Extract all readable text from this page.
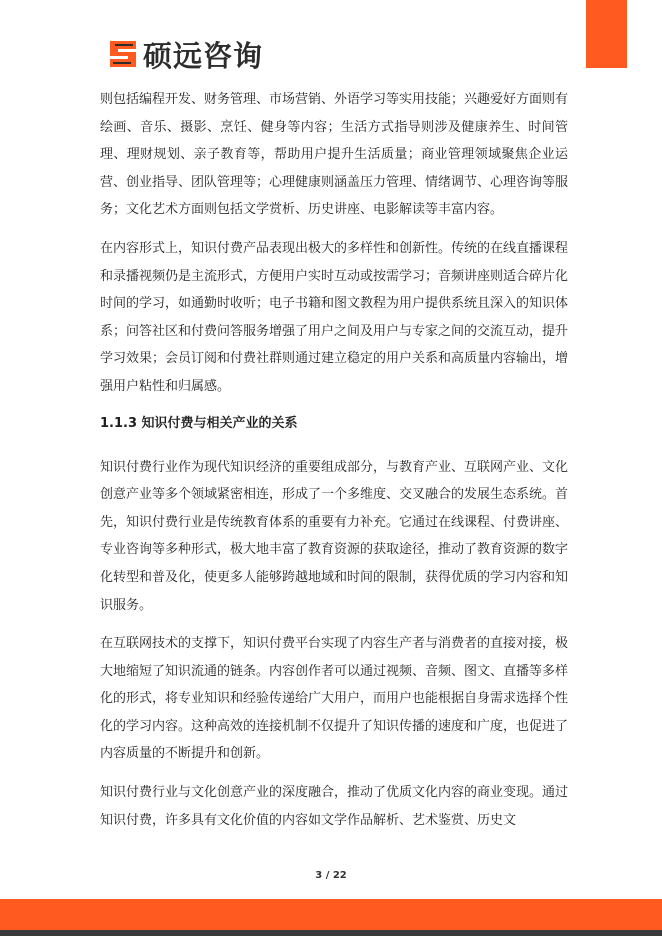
硕远咨询

则包括编程开发、财务管理、市场营销、外语学习等实用技能；兴趣爱好方面则有绘画、音乐、摄影、烹饪、健身等内容；生活方式指导则涉及健康养生、时间管理、理财规划、亲子教育等，帮助用户提升生活质量；商业管理领域聚焦企业运营、创业指导、团队管理等；心理健康则涵盖压力管理、情绪调节、心理咨询等服务；文化艺术方面则包括文学赏析、历史讲座、电影解读等丰富内容。

在内容形式上，知识付费产品表现出极大的多样性和创新性。传统的在线直播课程和录播视频仍是主流形式，方便用户实时互动或按需学习；音频讲座则适合碎片化时间的学习，如通勤时收听；电子书籍和图文教程为用户提供系统且深入的知识体系；问答社区和付费问答服务增强了用户之间及用户与专家之间的交流互动，提升学习效果；会员订阅和付费社群则通过建立稳定的用户关系和高质量内容输出，增强用户粘性和归属感。

1.1.3 知识付费与相关产业的关系

知识付费行业作为现代知识经济的重要组成部分，与教育产业、互联网产业、文化创意产业等多个领域紧密相连，形成了一个多维度、交叉融合的发展生态系统。首先，知识付费行业是传统教育体系的重要有力补充。它通过在线课程、付费讲座、专业咨询等多种形式，极大地丰富了教育资源的获取途径，推动了教育资源的数字化转型和普及化，使更多人能够跨越地域和时间的限制，获得优质的学习内容和知识服务。

在互联网技术的支撑下，知识付费平台实现了内容生产者与消费者的直接对接，极大地缩短了知识流通的链条。内容创作者可以通过视频、音频、图文、直播等多样化的形式，将专业知识和经验传递给广大用户，而用户也能根据自身需求选择个性化的学习内容。这种高效的连接机制不仅提升了知识传播的速度和广度，也促进了内容质量的不断提升和创新。

知识付费行业与文化创意产业的深度融合，推动了优质文化内容的商业变现。通过知识付费，许多具有文化价值的内容如文学作品解析、艺术鉴赏、历史文

3 / 22
